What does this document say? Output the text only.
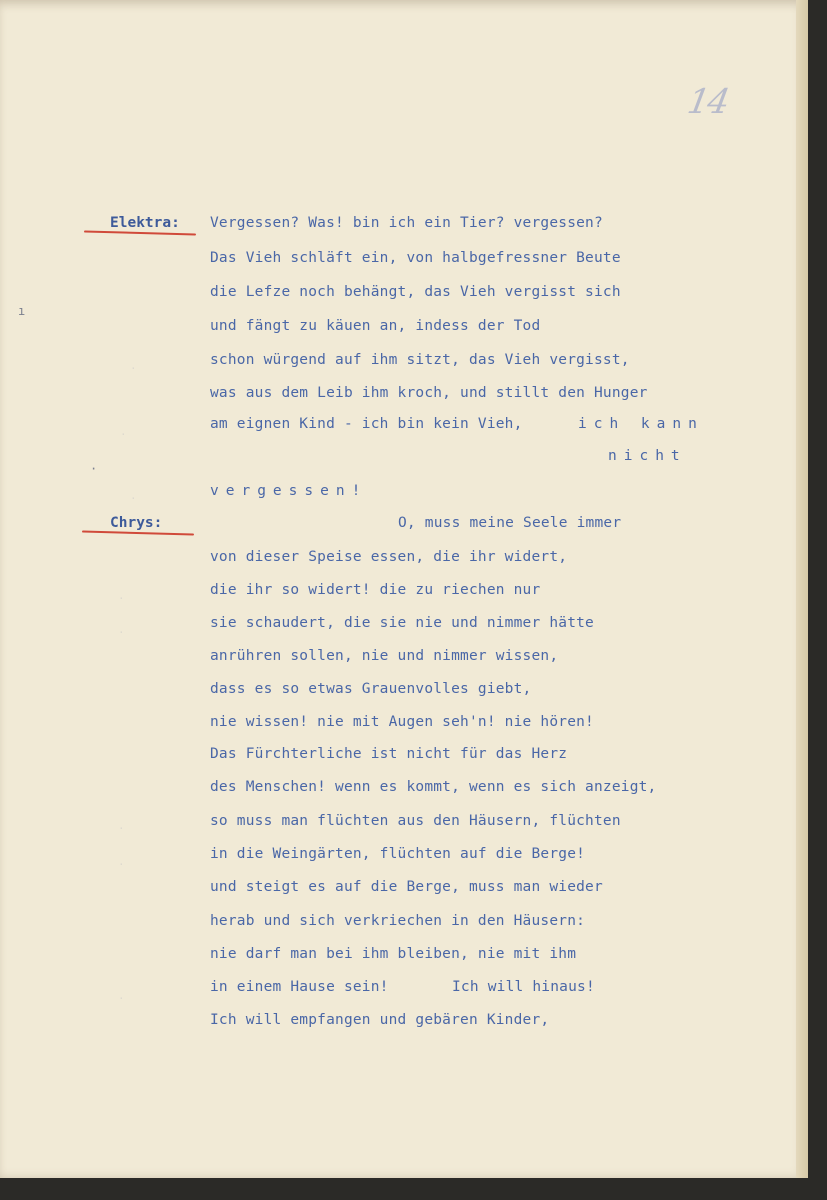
·
·
·
·
·
·
·
·
14
ı
·
Elektra: Vergessen? Was! bin ich ein Tier? vergessen?
Das Vieh schläft ein, von halbgefressner Beute
die Lefze noch behängt, das Vieh vergisst sich
und fängt zu käuen an, indess der Tod
schon würgend auf ihm sitzt, das Vieh vergisst,
was aus dem Leib ihm kroch, und stillt den Hunger
am eignen Kind - ich bin kein Vieh,	ich kann
nicht
vergessen!
Chrys:	O, muss meine Seele immer
von dieser Speise essen, die ihr widert,
die ihr so widert! die zu riechen nur
sie schaudert, die sie nie und nimmer hätte
anrühren sollen, nie und nimmer wissen,
dass es so etwas Grauenvolles giebt,
nie wissen! nie mit Augen seh'n! nie hören!
Das Fürchterliche ist nicht für das Herz
des Menschen! wenn es kommt, wenn es sich anzeigt,
so muss man flüchten aus den Häusern, flüchten
in die Weingärten, flüchten auf die Berge!
und steigt es auf die Berge, muss man wieder
herab und sich verkriechen in den Häusern:
nie darf man bei ihm bleiben, nie mit ihm
in einem Hause sein!	Ich will hinaus!
Ich will empfangen und gebären Kinder,
